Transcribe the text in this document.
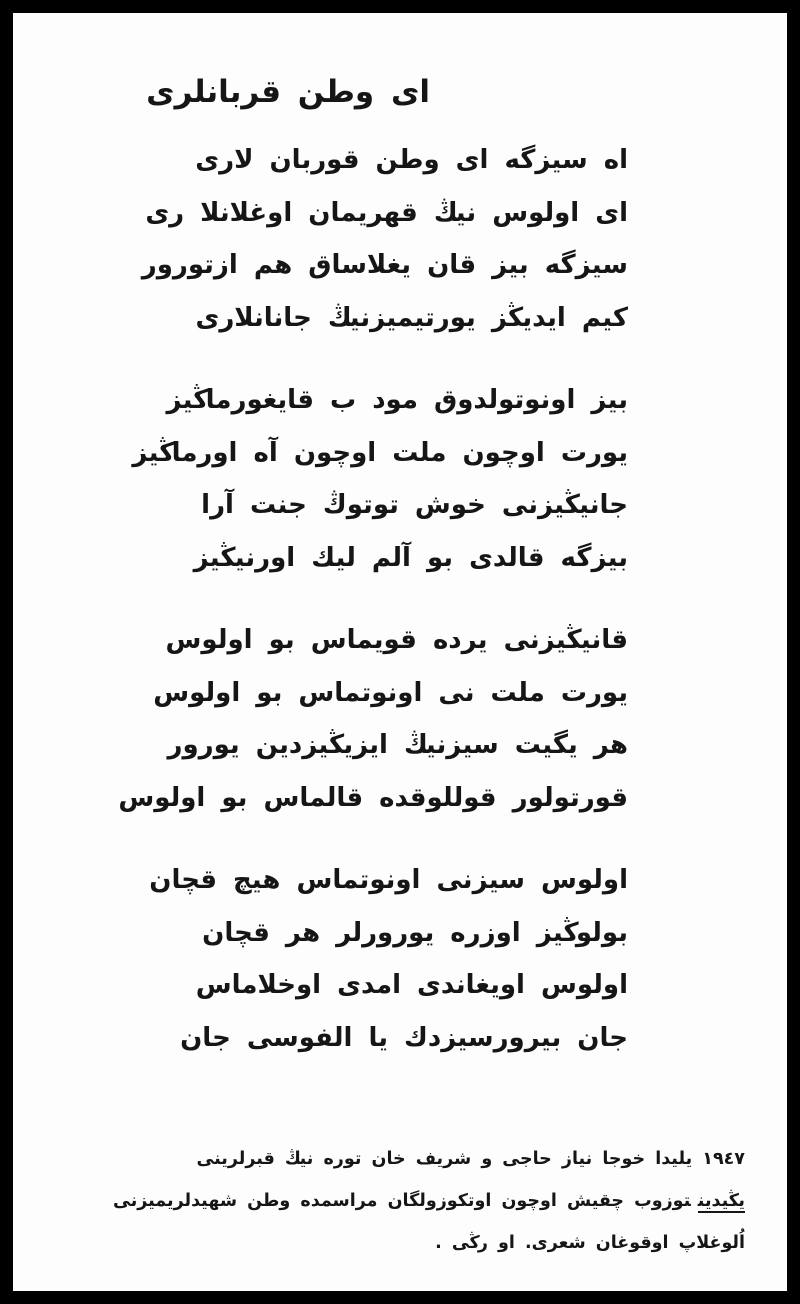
ای وطن قربانلری

اه سيزگه ای وطن قوربان لاری

ای اولوس نيڭ قهريمان اوغلانلا ری

سيزگه بيز قان يغلاساق هم ازتورور

كيم ايديڭز يورتيميزنيڭ جانانلاری

بيز اونوتولدوق مود ب قايغورماڭيز

يورت اوچون ملت اوچون آه اورماڭيز

جانيڭيزنی خوش توتوڭ جنت آرا

بيزگه قالدی بو آلم ليك اورنيڭيز

قانيڭيزنی يرده قويماس بو اولوس

يورت ملت نی اونوتماس بو اولوس

هر يگيت سيزنيڭ ايزيڭيزدين يورور

قورتولور قوللوقده قالماس بو اولوس

اولوس سيزنی اونوتماس هيچ قچان

بولوڭيز اوزره يورورلر هر قچان

اولوس اويغاندی امدی اوخلاماس

جان بيرورسيزدك يا الفوسی جان

١٩٤٧ يليدا خوجا نياز حاجی و شريف خان توره نيڭ قبرلرينی

يڭيدينتوزوب چقيش اوچون اوتكوزولگان مراسمده وطن شهيدلريميزنی

اُلوغلاپ اوقوغان شعری. او رڭی .
